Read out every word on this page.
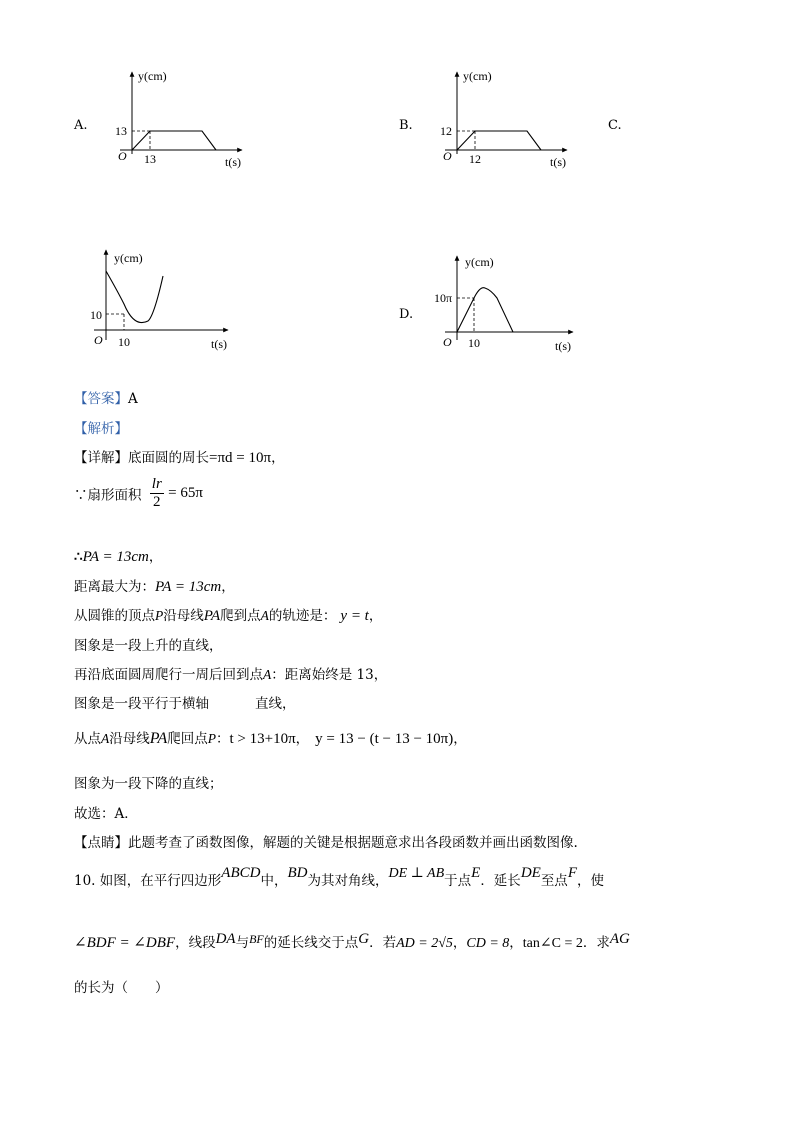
A.	B.	C.
D.
y(cm)
t(s)
O
13
13
y(cm)
t(s)
O
12
12
y(cm)
t(s)
O
10
10
y(cm)
t(s)
O
10π
10
【答案】A
【解析】
【详解】底面圆的周长=πd = 10π，
∵扇形面积 $\frac{lr}{2} = 65\pi$
∴PA = 13cm，
距离最大为：PA = 13cm，
从圆锥的顶点P沿母线PA爬到点A的轨迹是： y = t，
图象是一段上升的直线，
再沿底面圆周爬行一周后回到点A：距离始终是 13，
图象是一段平行于横轴	直线，
从点A沿母线PA爬回点P：t > 13+10π， y = 13 − (t − 13 − 10π)，
图象为一段下降的直线；
故选：A．
【点睛】此题考查了函数图像，解题的关键是根据题意求出各段函数并画出函数图像.
10. 如图，在平行四边形ABCD中，BD为其对角线，DE ⊥ AB于点E．延长DE至点F，使
∠BDF = ∠DBF，线段DA与BF的延长线交于点G．若AD = 2√5，CD = 8，tan∠C = 2．求AG
的长为（　　）
